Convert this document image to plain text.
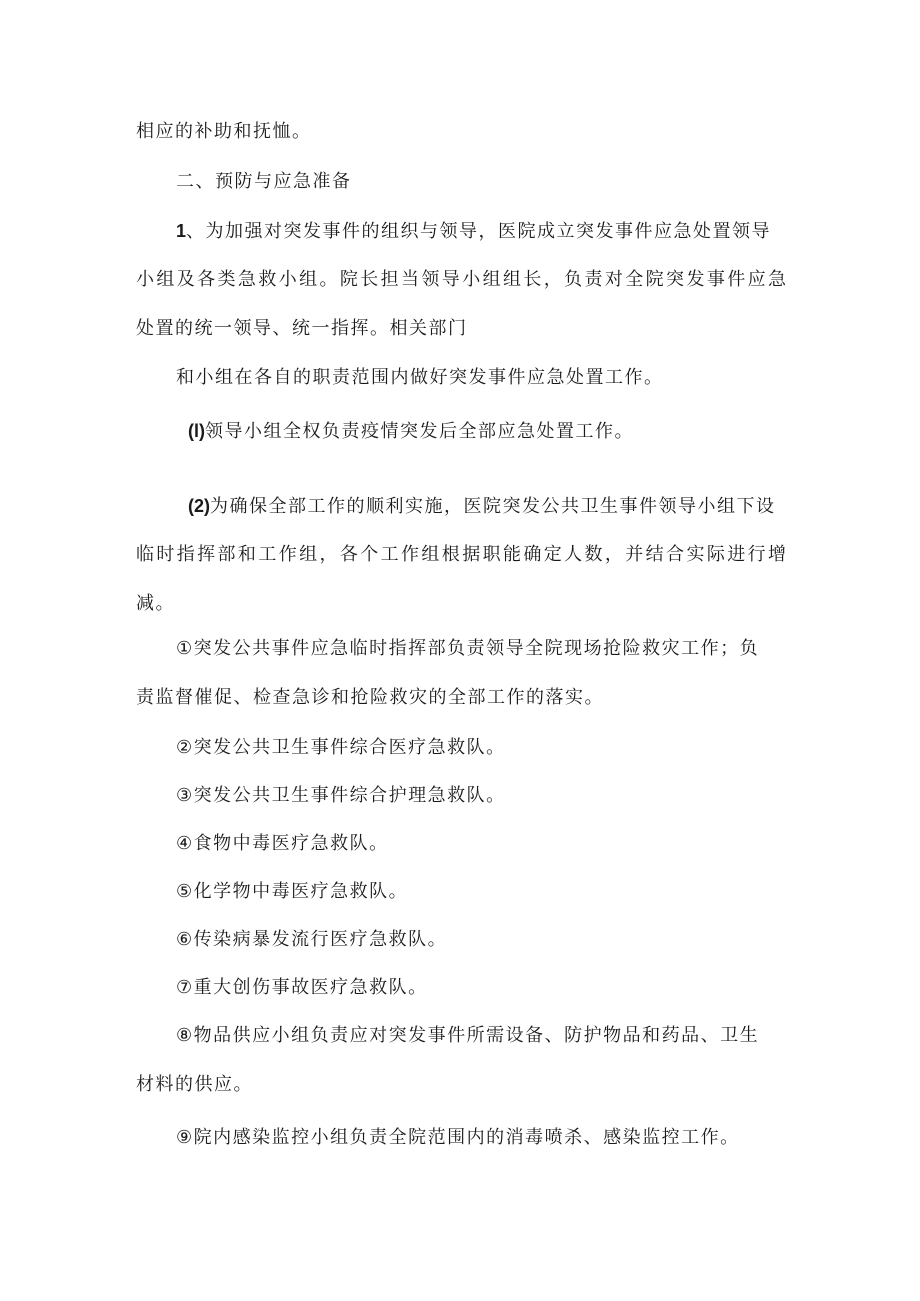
相应的补助和抚恤。
二、预防与应急准备
1、为加强对突发事件的组织与领导，医院成立突发事件应急处置领导
小组及各类急救小组。院长担当领导小组组长，负责对全院突发事件应急
处置的统一领导、统一指挥。相关部门
和小组在各自的职责范围内做好突发事件应急处置工作。
(l)领导小组全权负责疫情突发后全部应急处置工作。
(2)为确保全部工作的顺利实施，医院突发公共卫生事件领导小组下设
临时指挥部和工作组，各个工作组根据职能确定人数，并结合实际进行增
减。
①突发公共事件应急临时指挥部负责领导全院现场抢险救灾工作；负
责监督催促、检查急诊和抢险救灾的全部工作的落实。
②突发公共卫生事件综合医疗急救队。
③突发公共卫生事件综合护理急救队。
④食物中毒医疗急救队。
⑤化学物中毒医疗急救队。
⑥传染病暴发流行医疗急救队。
⑦重大创伤事故医疗急救队。
⑧物品供应小组负责应对突发事件所需设备、防护物品和药品、卫生
材料的供应。
⑨院内感染监控小组负责全院范围内的消毒喷杀、感染监控工作。
